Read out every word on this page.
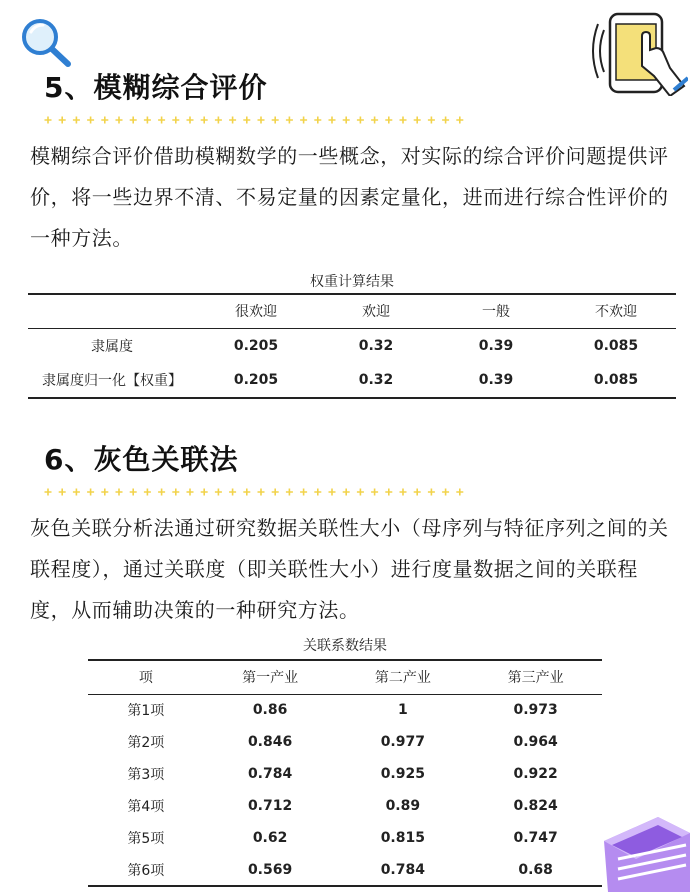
5、模糊综合评价
模糊综合评价借助模糊数学的一些概念，对实际的综合评价问题提供评价，将一些边界不清、不易定量的因素定量化，进而进行综合性评价的一种方法。
权重计算结果
	很欢迎	欢迎	一般	不欢迎
隶属度	0.205	0.32	0.39	0.085
隶属度归一化【权重】	0.205	0.32	0.39	0.085
6、灰色关联法
灰色关联分析法通过研究数据关联性大小（母序列与特征序列之间的关联程度），通过关联度（即关联性大小）进行度量数据之间的关联程度，从而辅助决策的一种研究方法。
关联系数结果
项	第一产业	第二产业	第三产业
第1项	0.86	1	0.973
第2项	0.846	0.977	0.964
第3项	0.784	0.925	0.922
第4项	0.712	0.89	0.824
第5项	0.62	0.815	0.747
第6项	0.569	0.784	0.68
